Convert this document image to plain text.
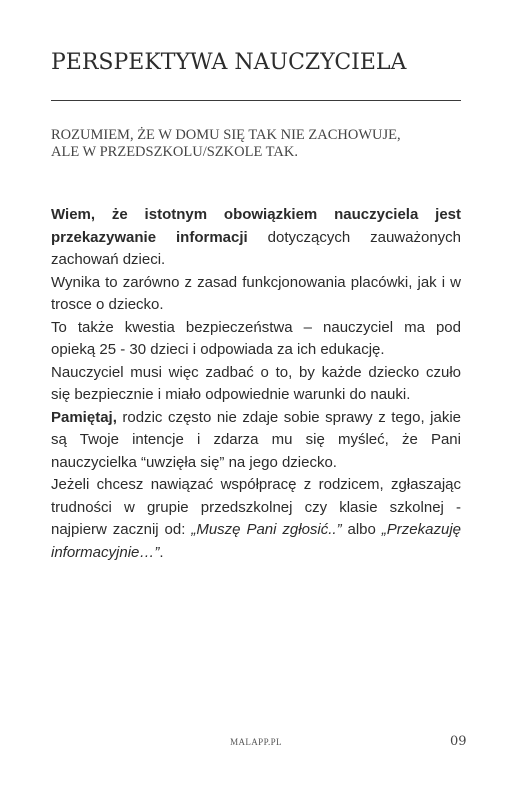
PERSPEKTYWA NAUCZYCIELA
ROZUMIEM, ŻE W DOMU SIĘ TAK NIE ZACHOWUJE,
ALE W PRZEDSZKOLU/SZKOLE TAK.

Wiem, że istotnym obowiązkiem nauczyciela jest przekazywanie informacji dotyczących zauważonych zachowań dzieci.

Wynika to zarówno z zasad funkcjonowania placówki, jak i w trosce o dziecko.

To także kwestia bezpieczeństwa – nauczyciel ma pod opieką 25 - 30 dzieci i odpowiada za ich edukację.

Nauczyciel musi więc zadbać o to, by każde dziecko czuło się bezpiecznie i miało odpowiednie warunki do nauki.

Pamiętaj, rodzic często nie zdaje sobie sprawy z tego, jakie są Twoje intencje i zdarza mu się myśleć, że Pani nauczycielka “uwzięła się” na jego dziecko.

Jeżeli chcesz nawiązać współpracę z rodzicem, zgłaszając trudności w grupie przedszkolnej czy klasie szkolnej - najpierw zacznij od: „Muszę Pani zgłosić..” albo „Przekazuję informacyjnie…”.

MALAPP.PL	09
